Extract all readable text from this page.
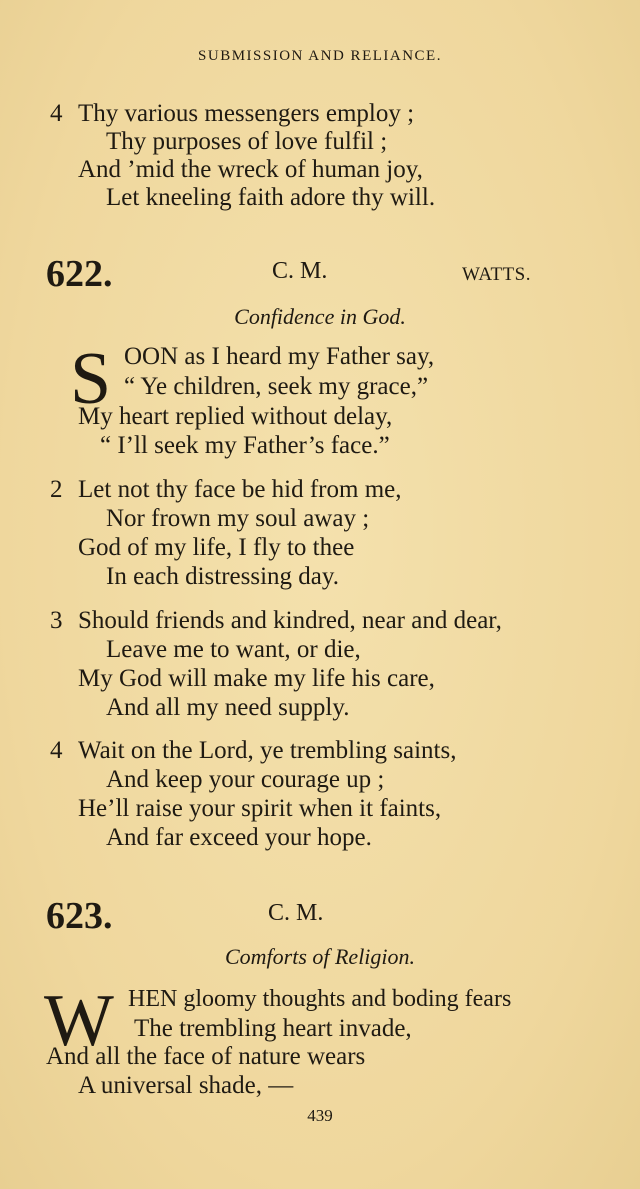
SUBMISSION AND RELIANCE.
4 Thy various messengers employ ;
Thy purposes of love fulfil ;
And ’mid the wreck of human joy,
Let kneeling faith adore thy will.
622.	C. M.	WATTS.
Confidence in God.
S OON as I heard my Father say,
“ Ye children, seek my grace,”
My heart replied without delay,
“ I’ll seek my Father’s face.”
2 Let not thy face be hid from me,
Nor frown my soul away ;
God of my life, I fly to thee
In each distressing day.
3 Should friends and kindred, near and dear,
Leave me to want, or die,
My God will make my life his care,
And all my need supply.
4 Wait on the Lord, ye trembling saints,
And keep your courage up ;
He’ll raise your spirit when it faints,
And far exceed your hope.
623.	C. M.
Comforts of Religion.
W HEN gloomy thoughts and boding fears
The trembling heart invade,
And all the face of nature wears
A universal shade, —
439
